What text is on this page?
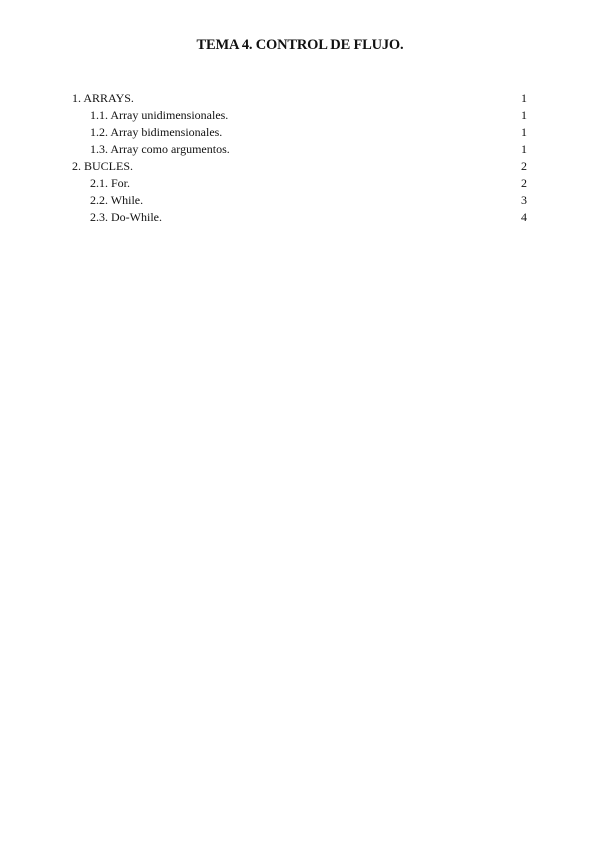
TEMA 4. CONTROL DE FLUJO.
1. ARRAYS.	1
1.1. Array unidimensionales.	1
1.2. Array bidimensionales.	1
1.3. Array como argumentos.	1
2. BUCLES.	2
2.1. For.	2
2.2. While.	3
2.3. Do-While.	4
